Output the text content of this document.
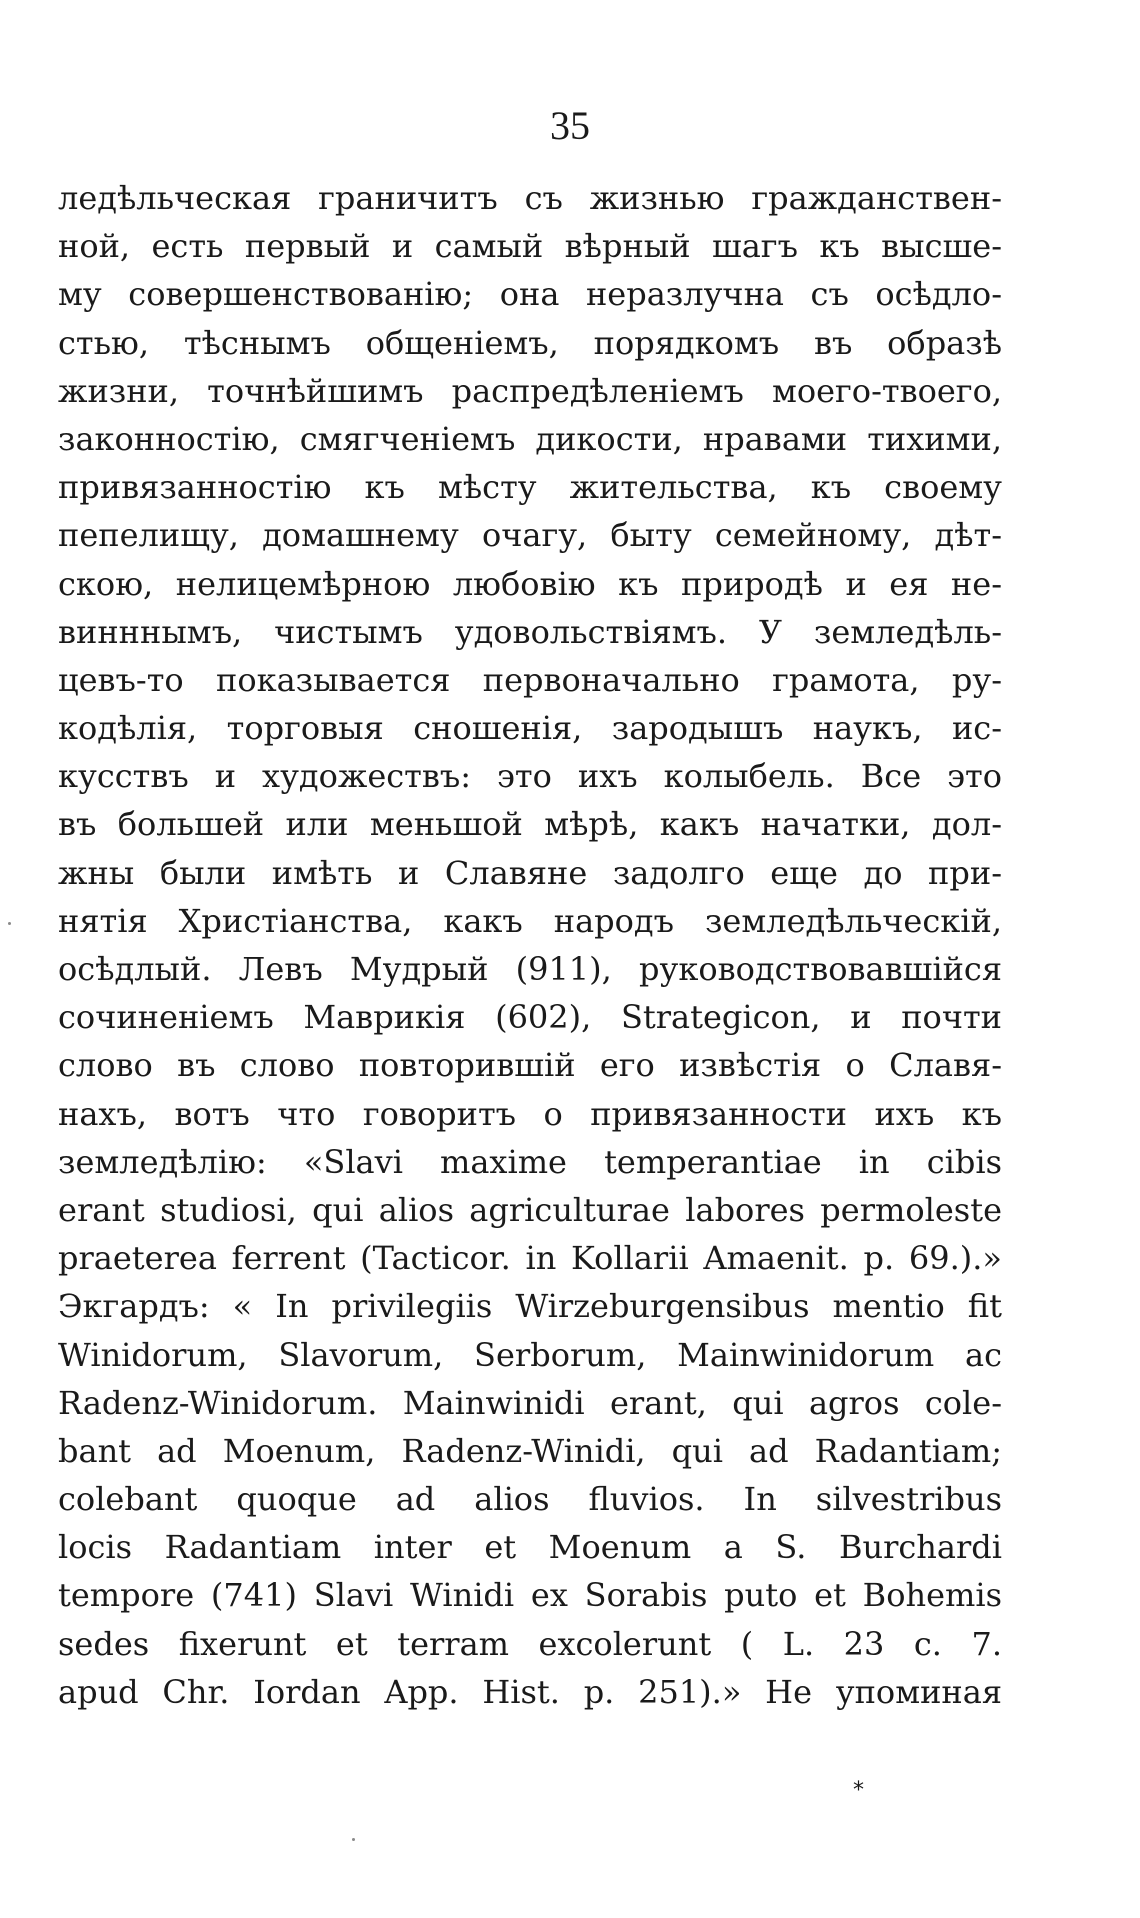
35
ледѣльческая граничитъ съ жизнью гражданствен-
ной, есть первый и самый вѣрный шагъ къ высше-
му совершенствованію; она неразлучна съ осѣдло-
стью, тѣснымъ общеніемъ, порядкомъ въ образѣ
жизни, точнѣйшимъ распредѣленіемъ моего-твоего,
законностію, смягченіемъ дикости, нравами тихими,
привязанностію къ мѣсту жительства, къ своему
пепелищу, домашнему очагу, быту семейному, дѣт-
скою, нелицемѣрною любовію къ природѣ и ея не-
винннымъ, чистымъ удовольствіямъ. У земледѣль-
цевъ-то показывается первоначально грамота, ру-
кодѣлія, торговыя сношенія, зародышъ наукъ, ис-
кусствъ и художествъ: это ихъ колыбель. Все это
въ большей или меньшой мѣрѣ, какъ начатки, дол-
жны были имѣть и Славяне задолго еще до при-
нятія Христіанства, какъ народъ земледѣльческій,
осѣдлый. Левъ Мудрый (911), руководствовавшійся
сочиненіемъ Маврикія (602), Strategicon, и почти
слово въ слово повторившій его извѣстія о Славя-
нахъ, вотъ что говоритъ о привязанности ихъ къ
земледѣлію: «Slavi maxime temperantiae in cibis
erant studiosi, qui alios agriculturae labores permoleste
praeterea ferrent (Tacticor. in Kollarii Amaenit. p. 69.).»
Экгардъ: « In privilegiis Wirzeburgensibus mentio fit
Winidorum, Slavorum, Serborum, Mainwinidorum ac
Radenz-Winidorum. Mainwinidi erant, qui agros cole-
bant ad Moenum, Radenz-Winidi, qui ad Radantiam;
colebant quoque ad alios fluvios. In silvestribus
locis Radantiam inter et Moenum a S. Burchardi
tempore (741) Slavi Winidi ex Sorabis puto et Bohemis
sedes fixerunt et terram excolerunt ( L. 23 c. 7.
apud Chr. Iordan App. Hist. p. 251).» Не упоминая
*
